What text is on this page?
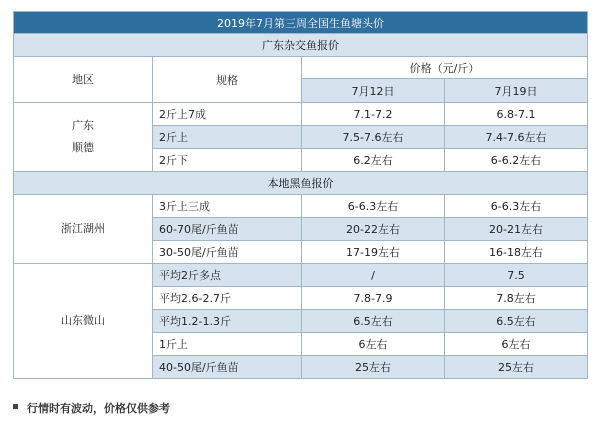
2019年7月第三周全国生鱼塘头价			
广东杂交鱼报价			
地区	规格	价格（元/斤）	
		7月12日	7月19日

广东
顺德	2斤上7成	7.1-7.2	6.8-7.1
	2斤上	7.5-7.6左右	7.4-7.6左右
	2斤下	6.2左右	6-6.2左右
本地黑鱼报价			
浙江湖州	3斤上三成	6-6.3左右	6-6.3左右
	60-70尾/斤鱼苗	20-22左右	20-21左右
	30-50尾/斤鱼苗	17-19左右	16-18左右
山东微山	平均2斤多点	/	7.5
	平均2.6-2.7斤	7.8-7.9	7.8左右
	平均1.2-1.3斤	6.5左右	6.5左右
	1斤上	6左右	6左右
	40-50尾/斤鱼苗	25左右	25左右
行情时有波动，价格仅供参考
